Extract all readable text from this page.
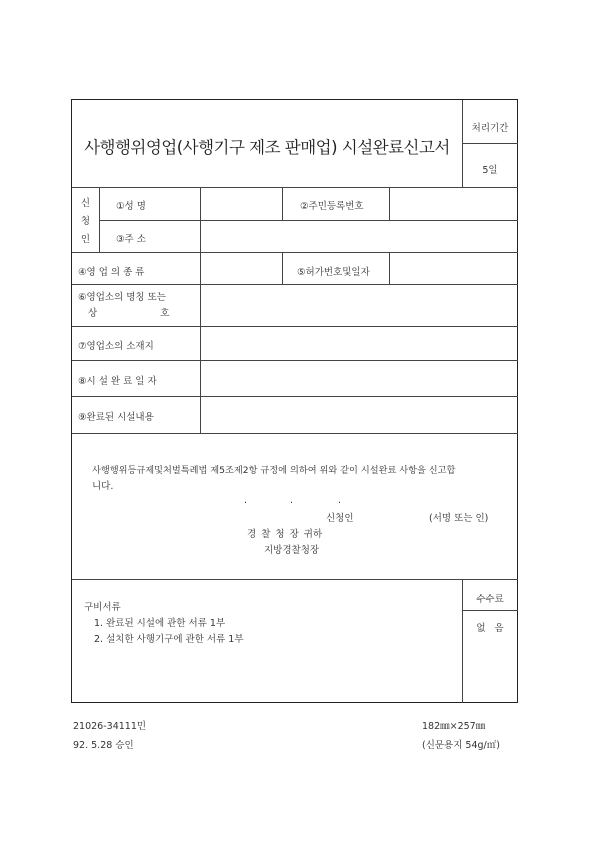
사행행위영업(사행기구 제조 판매업) 시설완료신고서
처리기간
5일
신
청
인
①성 명	②주민등록번호
③주 소
④영 업 의 종 류	⑤허가번호및일자
⑥영업소의 명칭 또는
상 호
⑦영업소의 소재지
⑧시 설 완 료 일 자
⑨완료된 시설내용
사행행위등규제및처벌특례법 제5조제2항 규정에 의하여 위와 같이 시설완료 사항을 신고합
니다.
.	.	.
신청인	(서명 또는 인)
경 찰 청 장 귀하
지방경찰청장
구비서류
1. 완료된 시설에 관한 서류 1부
2. 설치한 사행기구에 관한 서류 1부
수수료
없 음
21026-34111민
92. 5.28 승인
182㎜×257㎜
(신문용지 54g/㎡)
